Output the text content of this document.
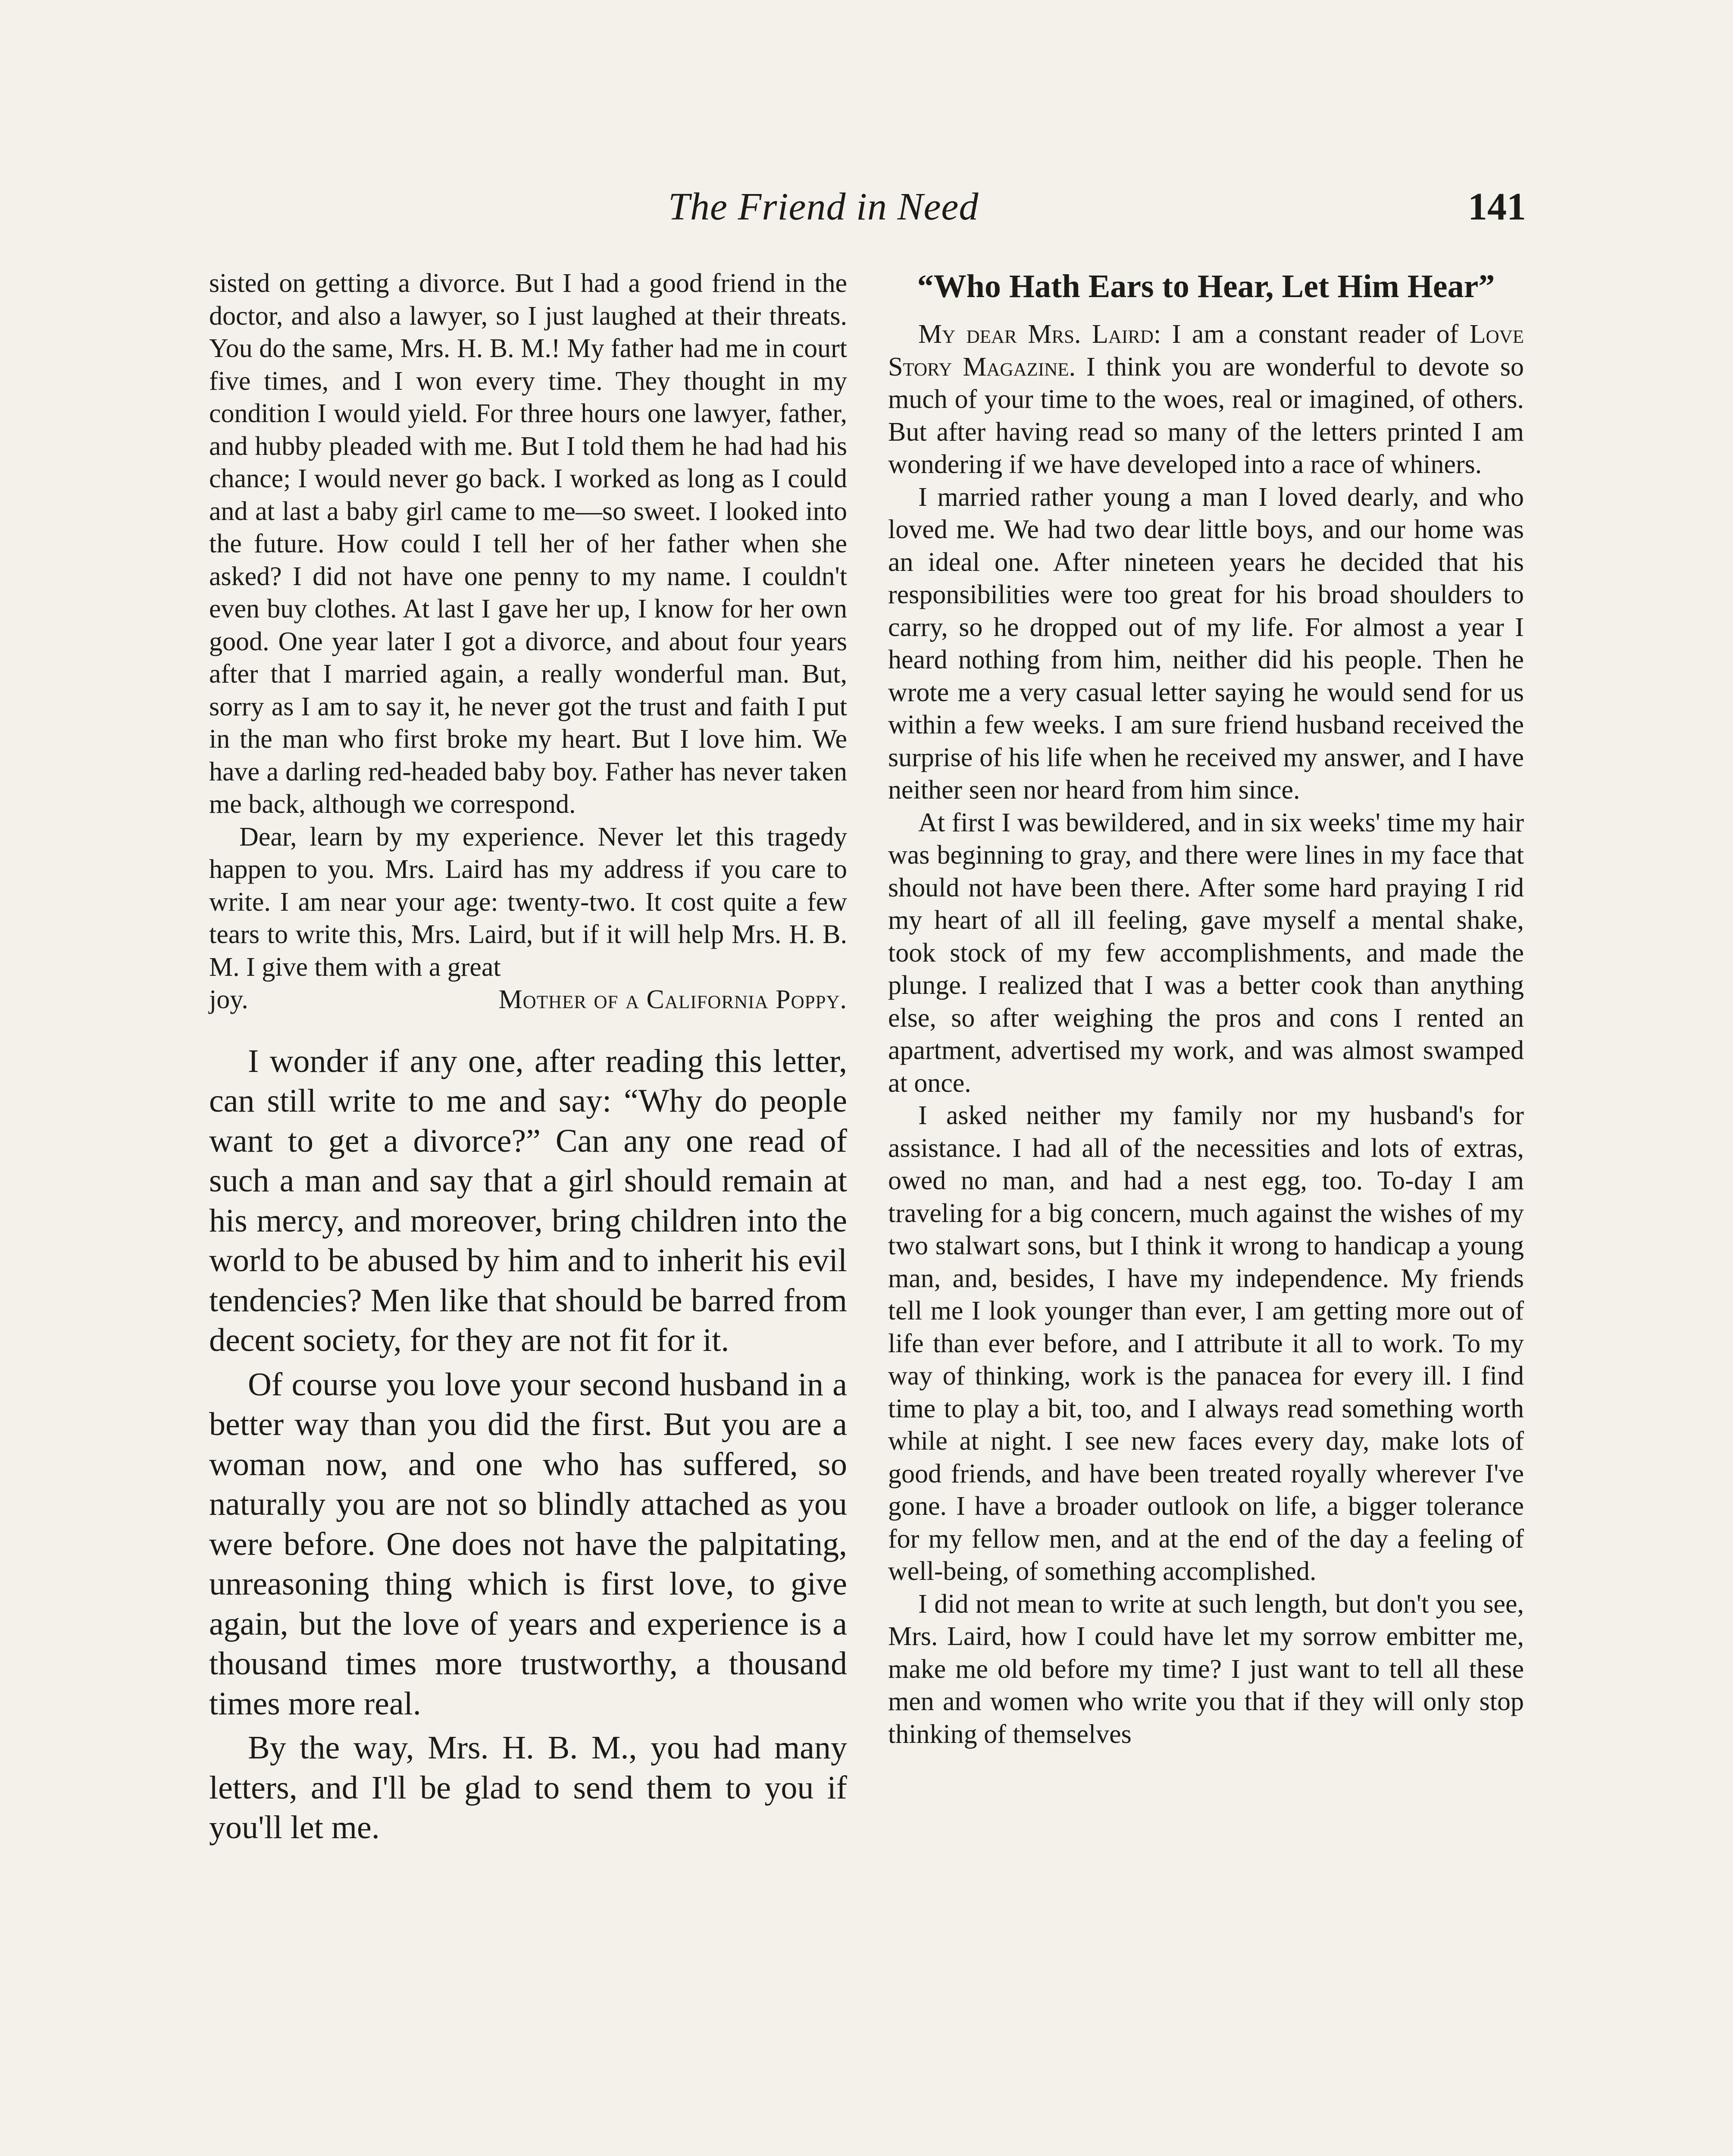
The Friend in Need	141

sisted on getting a divorce. But I had a good friend in the doctor, and also a lawyer, so I just laughed at their threats. You do the same, Mrs. H. B. M.! My father had me in court five times, and I won every time. They thought in my condition I would yield. For three hours one lawyer, father, and hubby pleaded with me. But I told them he had had his chance; I would never go back. I worked as long as I could and at last a baby girl came to me—so sweet. I looked into the future. How could I tell her of her father when she asked? I did not have one penny to my name. I couldn't even buy clothes. At last I gave her up, I know for her own good. One year later I got a divorce, and about four years after that I married again, a really wonderful man. But, sorry as I am to say it, he never got the trust and faith I put in the man who first broke my heart. But I love him. We have a darling red-headed baby boy. Father has never taken me back, although we correspond.

Dear, learn by my experience. Never let this tragedy happen to you. Mrs. Laird has my address if you care to write. I am near your age: twenty-two. It cost quite a few tears to write this, Mrs. Laird, but if it will help Mrs. H. B. M. I give them with a great

joy.	Mother of a California Poppy.

I wonder if any one, after reading this letter, can still write to me and say: “Why do people want to get a divorce?” Can any one read of such a man and say that a girl should remain at his mercy, and moreover, bring children into the world to be abused by him and to inherit his evil tendencies? Men like that should be barred from decent society, for they are not fit for it.

Of course you love your second husband in a better way than you did the first. But you are a woman now, and one who has suffered, so naturally you are not so blindly attached as you were before. One does not have the palpitating, unreasoning thing which is first love, to give again, but the love of years and experience is a thousand times more trustworthy, a thousand times more real.

By the way, Mrs. H. B. M., you had many letters, and I'll be glad to send them to you if you'll let me.

“Who Hath Ears to Hear, Let Him Hear”

My dear Mrs. Laird: I am a constant reader of Love Story Magazine. I think you are wonderful to devote so much of your time to the woes, real or imagined, of others. But after having read so many of the letters printed I am wondering if we have developed into a race of whiners.

I married rather young a man I loved dearly, and who loved me. We had two dear little boys, and our home was an ideal one. After nineteen years he decided that his responsibilities were too great for his broad shoulders to carry, so he dropped out of my life. For almost a year I heard nothing from him, neither did his people. Then he wrote me a very casual letter saying he would send for us within a few weeks. I am sure friend husband received the surprise of his life when he received my answer, and I have neither seen nor heard from him since.

At first I was bewildered, and in six weeks' time my hair was beginning to gray, and there were lines in my face that should not have been there. After some hard praying I rid my heart of all ill feeling, gave myself a mental shake, took stock of my few accomplishments, and made the plunge. I realized that I was a better cook than anything else, so after weighing the pros and cons I rented an apartment, advertised my work, and was almost swamped at once.

I asked neither my family nor my husband's for assistance. I had all of the necessities and lots of extras, owed no man, and had a nest egg, too. To-day I am traveling for a big concern, much against the wishes of my two stalwart sons, but I think it wrong to handicap a young man, and, besides, I have my independence. My friends tell me I look younger than ever, I am getting more out of life than ever before, and I attribute it all to work. To my way of thinking, work is the panacea for every ill. I find time to play a bit, too, and I always read something worth while at night. I see new faces every day, make lots of good friends, and have been treated royally wherever I've gone. I have a broader outlook on life, a bigger tolerance for my fellow men, and at the end of the day a feeling of well-being, of something accomplished.

I did not mean to write at such length, but don't you see, Mrs. Laird, how I could have let my sorrow embitter me, make me old before my time? I just want to tell all these men and women who write you that if they will only stop thinking of themselves
